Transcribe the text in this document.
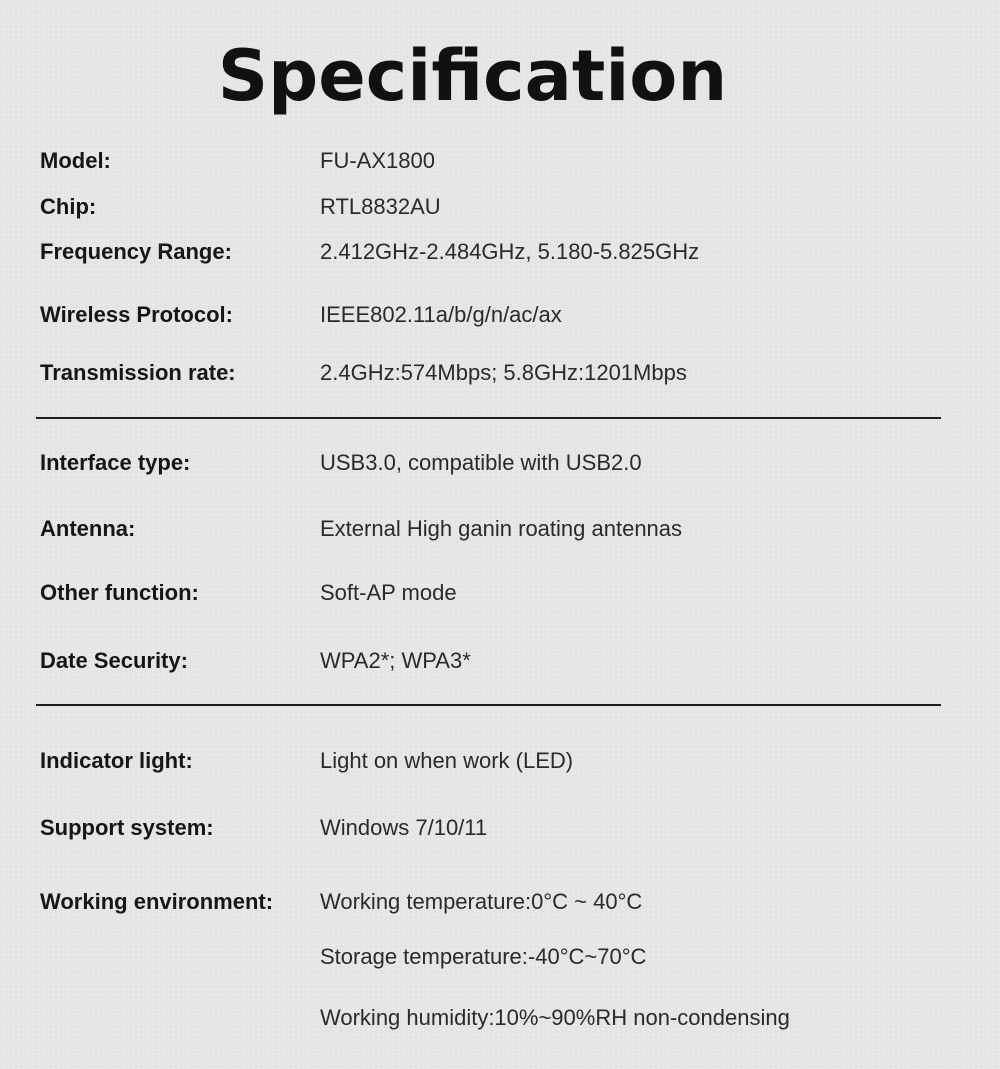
Specification
Model:	FU-AX1800
Chip:	RTL8832AU
Frequency Range:	2.412GHz-2.484GHz, 5.180-5.825GHz
Wireless Protocol:	IEEE802.11a/b/g/n/ac/ax
Transmission rate:	2.4GHz:574Mbps; 5.8GHz:1201Mbps
Interface type:	USB3.0, compatible with USB2.0
Antenna:	External High ganin roating antennas
Other function:	Soft-AP mode
Date Security:	WPA2*; WPA3*
Indicator light:	Light on when work (LED)
Support system:	Windows 7/10/11
Working environment: Working temperature:0°C ~ 40°C
Storage temperature:-40°C~70°C
Working humidity:10%~90%RH non-condensing
